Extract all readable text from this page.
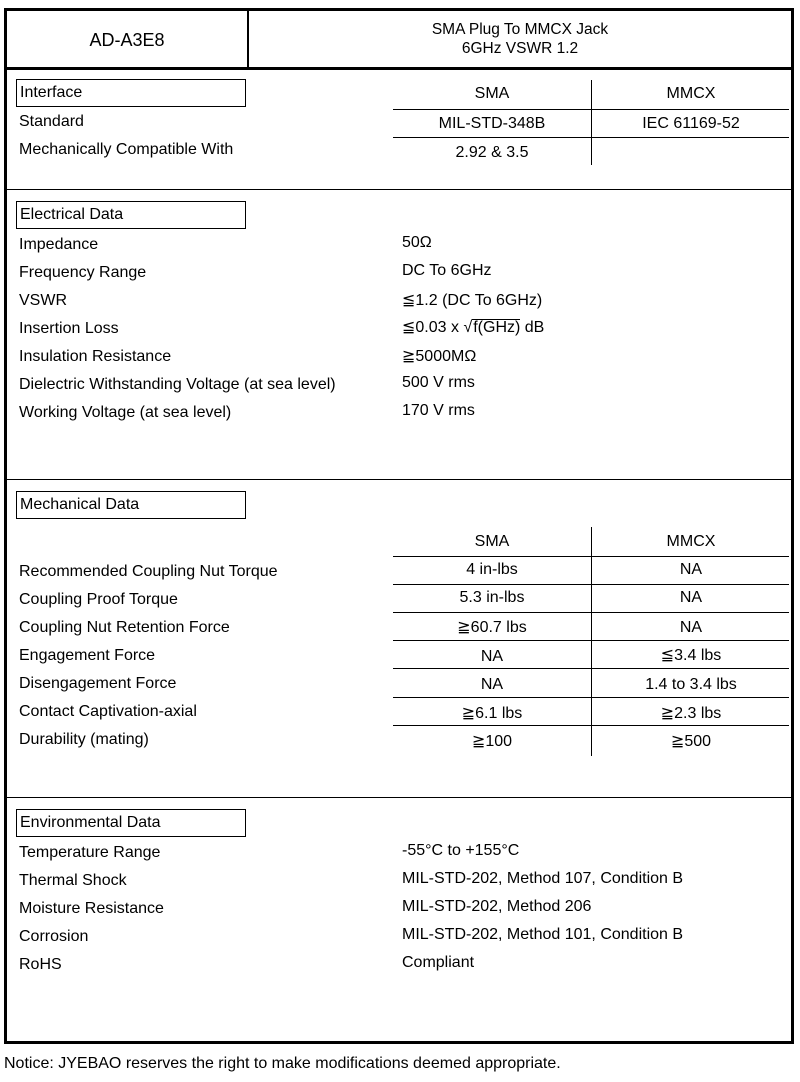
AD-A3E8	SMA Plug To MMCX Jack
6GHz VSWR 1.2
Interface	SMA	MMCX
Standard	MIL-STD-348B	IEC 61169-52
Mechanically Compatible With	2.92 & 3.5
Electrical Data
Impedance	50Ω
Frequency Range	DC To 6GHz
VSWR	≦1.2 (DC To 6GHz)
Insertion Loss	≦0.03 x √f(GHz) dB
Insulation Resistance	≧5000MΩ
Dielectric Withstanding Voltage (at sea level)	500 V rms
Working Voltage (at sea level)	170 V rms
Mechanical Data
SMA	MMCX
Recommended Coupling Nut Torque	4 in-lbs	NA
Coupling Proof Torque	5.3 in-lbs	NA
Coupling Nut Retention Force	≧60.7 lbs	NA
Engagement Force	NA	≦3.4 lbs
Disengagement Force	NA	1.4 to 3.4 lbs
Contact Captivation-axial	≧6.1 lbs	≧2.3 lbs
Durability (mating)	≧100	≧500
Environmental Data
Temperature Range	-55°C to +155°C
Thermal Shock	MIL-STD-202, Method 107, Condition B
Moisture Resistance	MIL-STD-202, Method 206
Corrosion	MIL-STD-202, Method 101, Condition B
RoHS	Compliant
Notice: JYEBAO reserves the right to make modifications deemed appropriate.
